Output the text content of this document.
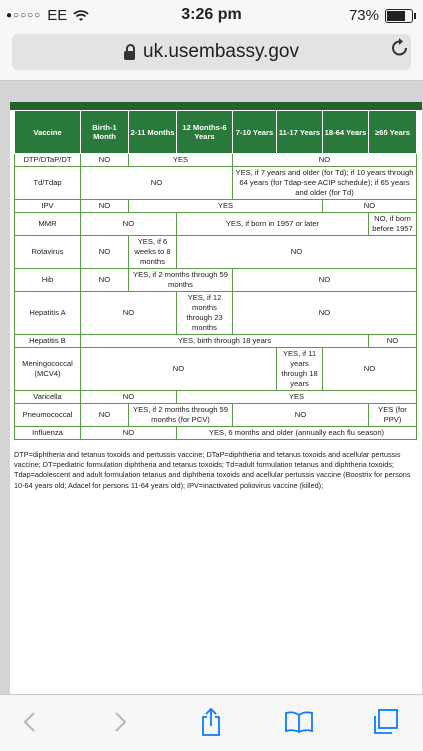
●○○○○ EE	3:26 pm	73%
uk.usembassy.gov
Vaccine	Birth-1 Month	2-11 Months	12 Months-6 Years	7-10 Years	11-17 Years	18-64 Years	≥65 Years
DTP/DTaP/DT	NO	YES		NO			
Td/Tdap	NO			YES, if 7 years and older (for Td); if 10 years through 64 years (for Tdap-see ACIP schedule); if 65 years and older (for Td)			
IPV	NO	YES				NO	
MMR	NO		YES, if born in 1957 or later				NO, if born before 1957
Rotavirus	NO	YES, if 6 weeks to 8 months	NO				
Hib	NO	YES, if 2 months through 59 months		NO			
Hepatitis A	NO		YES, if 12 months through 23 months	NO			
Hepatitis B	YES, birth through 18 years						NO
Meningococcal (MCV4)	NO				YES, if 11 years through 18 years	NO	
Varicella	NO		YES				
Pneumococcal	NO	YES, if 2 months through 59 months (for PCV)		NO			YES (for PPV)
Influenza	NO		YES, 6 months and older (annually each flu season)				
DTP=diphtheria and tetanus toxoids and pertussis vaccine; DTaP=diphtheria and tetanus toxoids and acellular pertussis vaccine; DT=pediatric formulation diphtheria and tetanus toxoids; Td=adult formulation tetanus and diphtheria toxoids; Tdap=adolescent and adult formulation tetanus and diphtheria toxoids and acellular pertussis vaccine (Boostrix for persons 10-64 years old; Adacel for persons 11-64 years old); IPV=inactivated poliovirus vaccine (killed);
